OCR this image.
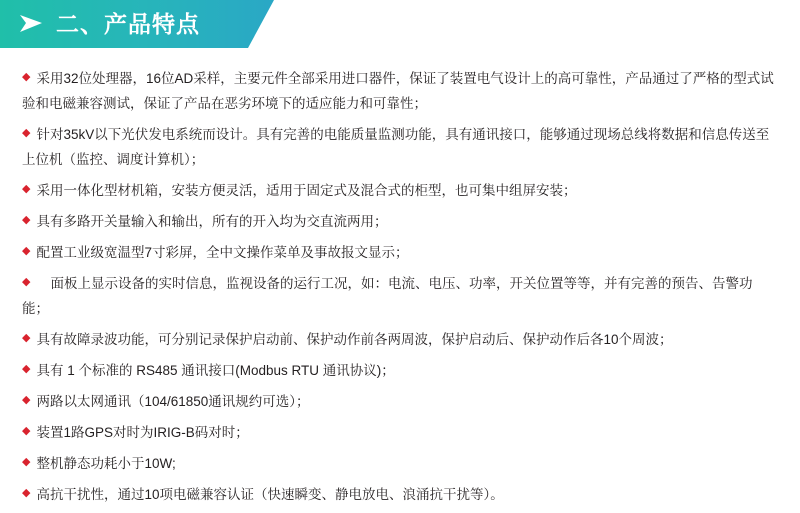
二、产品特点
◆ 采用32位处理器，16位AD采样，主要元件全部采用进口器件，保证了装置电气设计上的高可靠性，产品通过了严格的型式试验和电磁兼容测试，保证了产品在恶劣环境下的适应能力和可靠性；
◆ 针对35kV以下光伏发电系统而设计。具有完善的电能质量监测功能，具有通讯接口，能够通过现场总线将数据和信息传送至上位机（监控、调度计算机）；
◆ 采用一体化型材机箱，安装方便灵活，适用于固定式及混合式的柜型，也可集中组屏安装；
◆ 具有多路开关量输入和输出，所有的开入均为交直流两用；
◆ 配置工业级宽温型7寸彩屏，全中文操作菜单及事故报文显示；
◆ 面板上显示设备的实时信息，监视设备的运行工况，如：电流、电压、功率，开关位置等等，并有完善的预告、告警功能；
◆ 具有故障录波功能，可分别记录保护启动前、保护动作前各两周波，保护启动后、保护动作后各10个周波；
◆ 具有 1 个标准的 RS485 通讯接口(Modbus RTU 通讯协议)；
◆ 两路以太网通讯（104/61850通讯规约可选）；
◆ 装置1路GPS对时为IRIG-B码对时；
◆ 整机静态功耗小于10W;
◆ 高抗干扰性，通过10项电磁兼容认证（快速瞬变、静电放电、浪涌抗干扰等）。
